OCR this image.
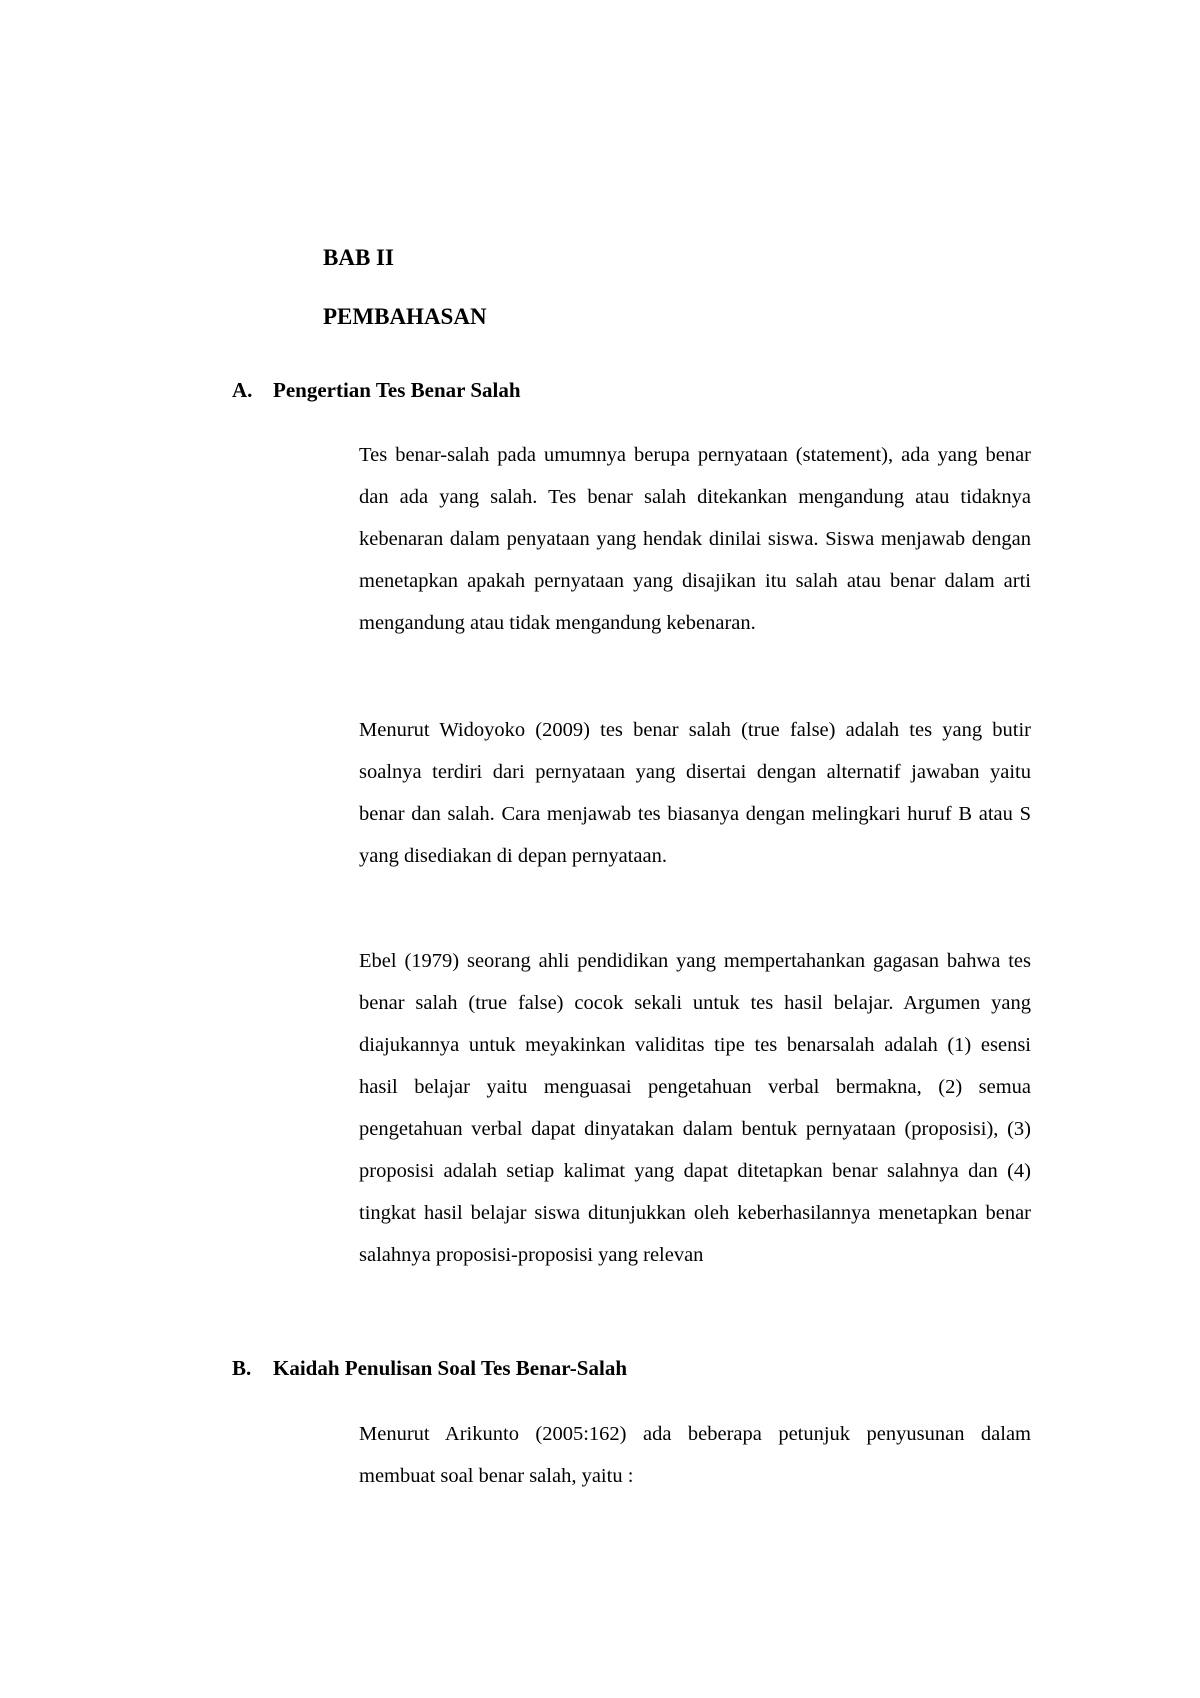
BAB II
PEMBAHASAN
A. Pengertian Tes Benar Salah

Tes benar-salah pada umumnya berupa pernyataan (statement), ada yang benar dan ada yang salah. Tes benar salah ditekankan mengandung atau tidaknya kebenaran dalam penyataan yang hendak dinilai siswa. Siswa menjawab dengan menetapkan apakah pernyataan yang disajikan itu salah atau benar dalam arti mengandung atau tidak mengandung kebenaran.

Menurut Widoyoko (2009) tes benar salah (true false) adalah tes yang butir soalnya terdiri dari pernyataan yang disertai dengan alternatif jawaban yaitu benar dan salah. Cara menjawab tes biasanya dengan melingkari huruf B atau S yang disediakan di depan pernyataan.

Ebel (1979) seorang ahli pendidikan yang mempertahankan gagasan bahwa tes benar salah (true false) cocok sekali untuk tes hasil belajar. Argumen yang diajukannya untuk meyakinkan validitas tipe tes benarsalah adalah (1) esensi hasil belajar yaitu menguasai pengetahuan verbal bermakna, (2) semua pengetahuan verbal dapat dinyatakan dalam bentuk pernyataan (proposisi), (3) proposisi adalah setiap kalimat yang dapat ditetapkan benar salahnya dan (4) tingkat hasil belajar siswa ditunjukkan oleh keberhasilannya menetapkan benar salahnya proposisi-proposisi yang relevan

B. Kaidah Penulisan Soal Tes Benar-Salah

Menurut Arikunto (2005:162) ada beberapa petunjuk penyusunan dalam membuat soal benar salah, yaitu :
